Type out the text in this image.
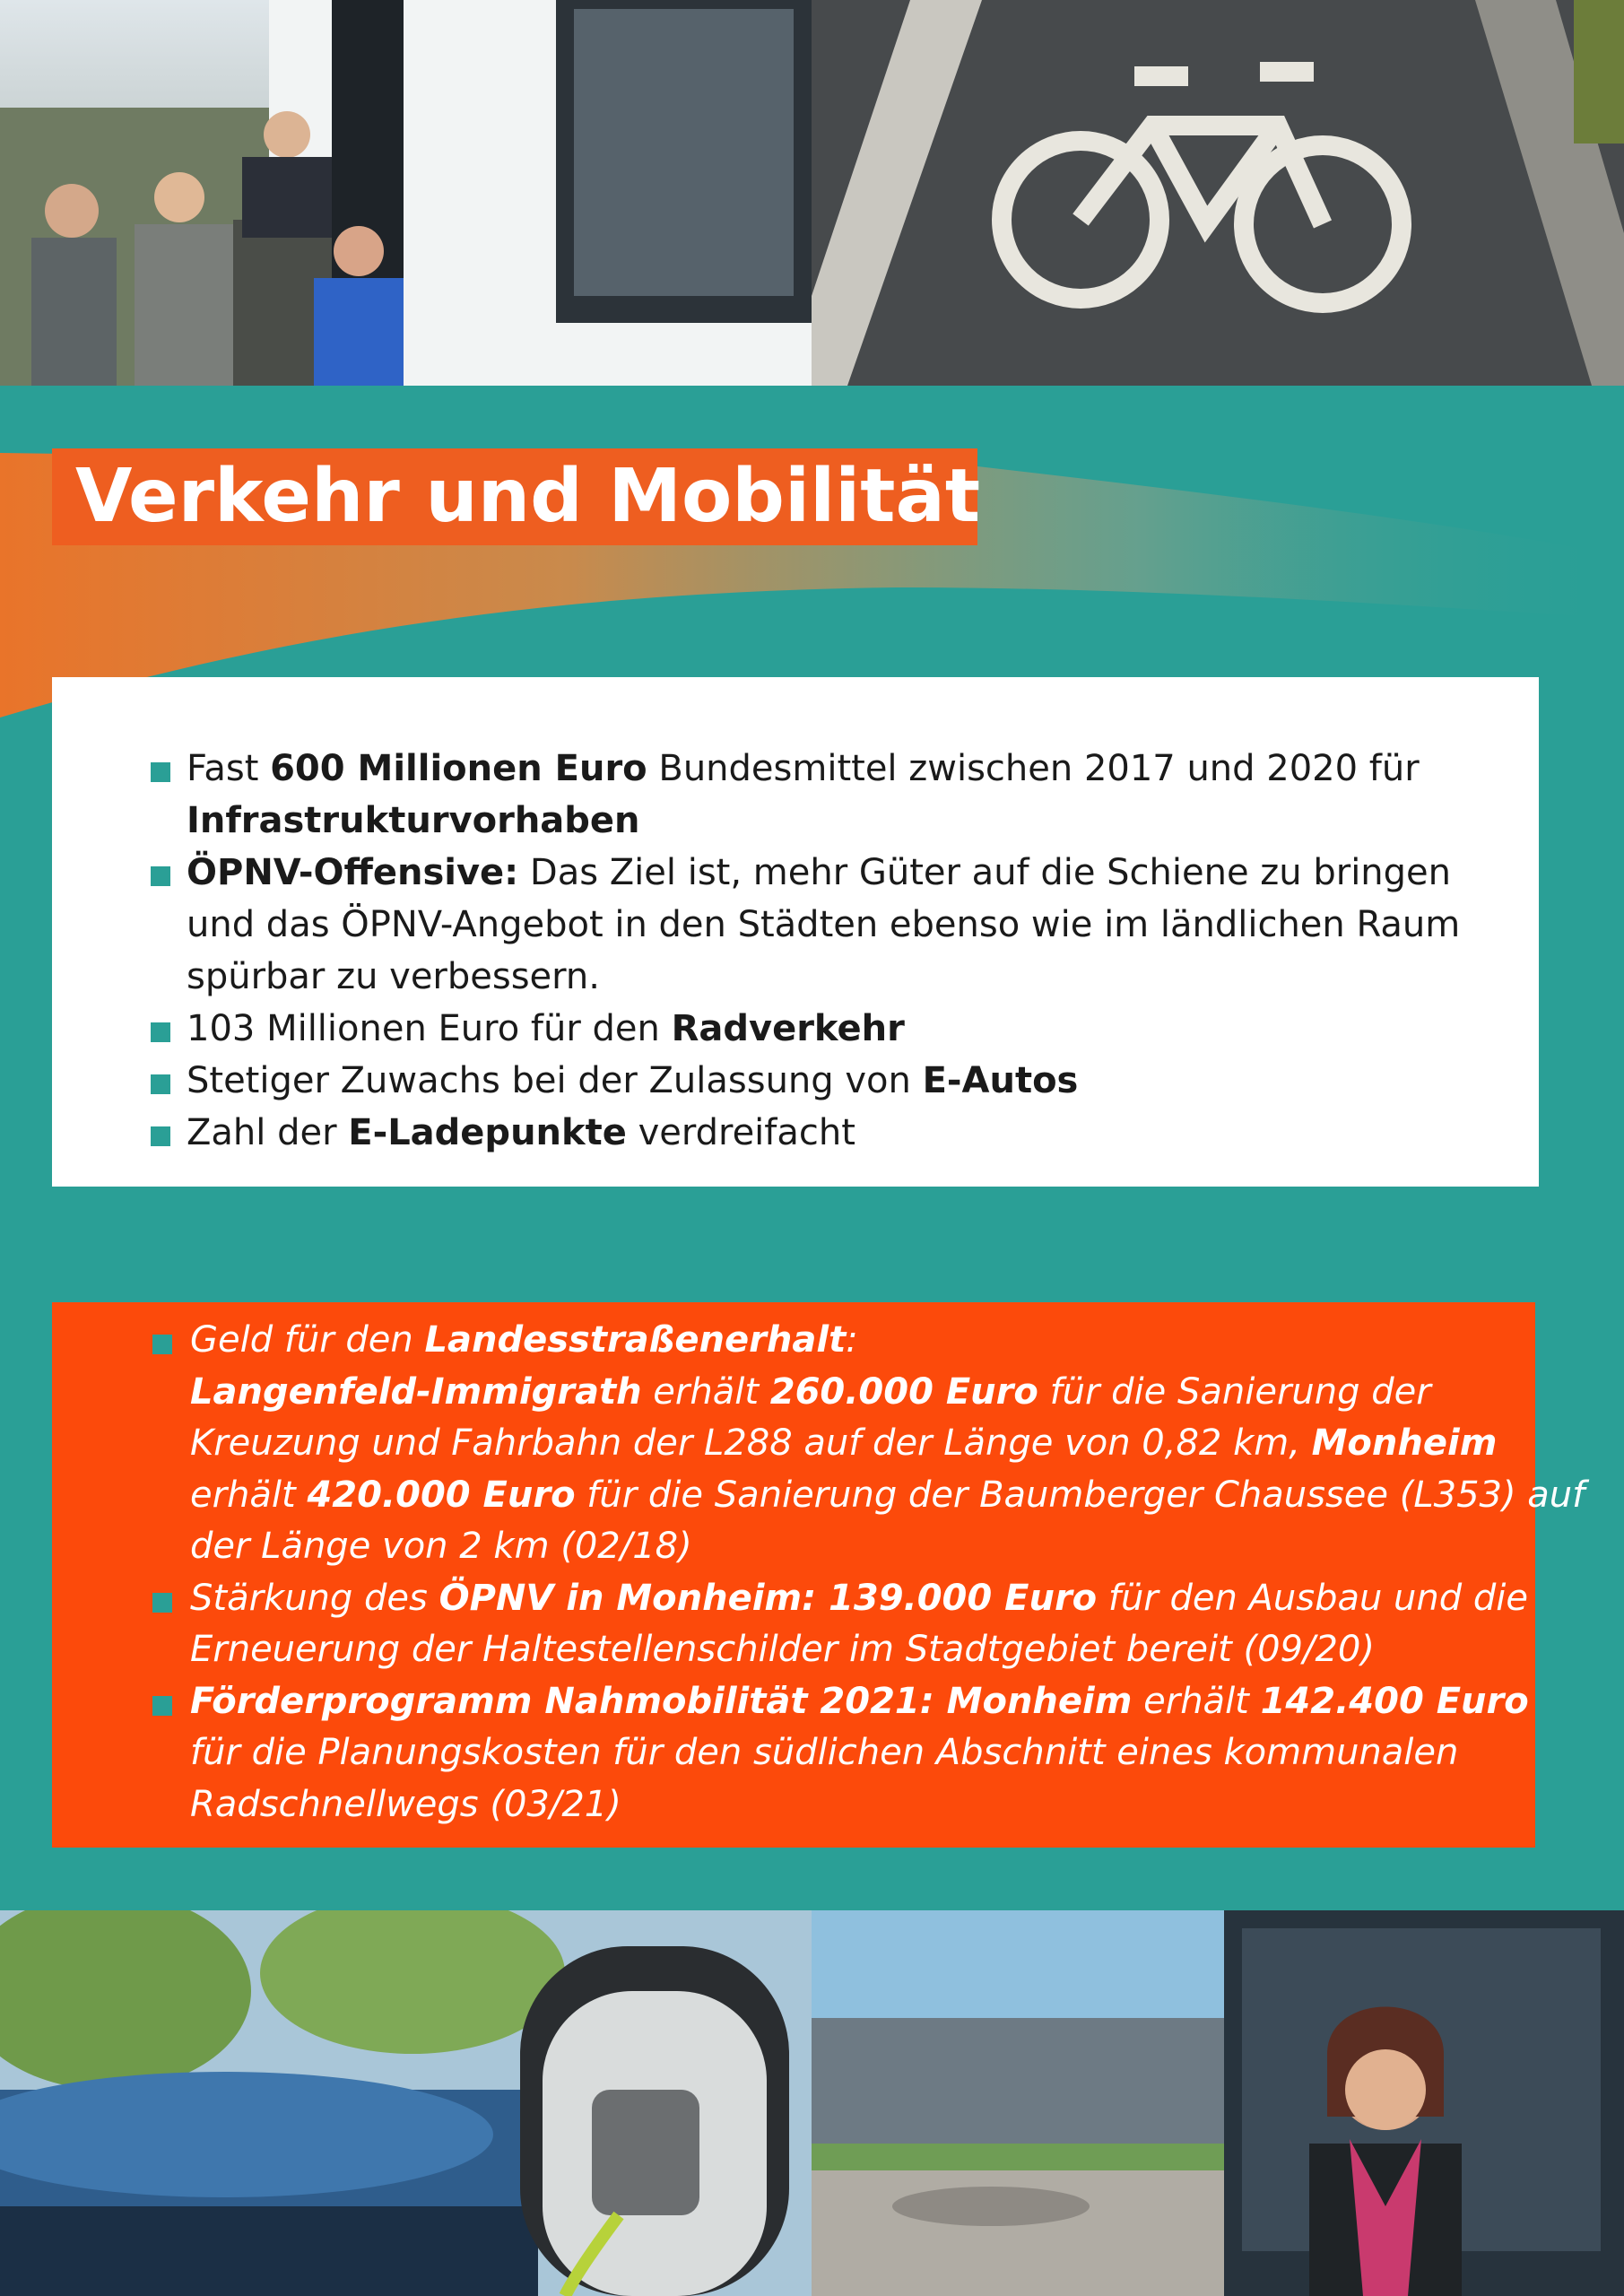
Verkehr und Mobilität
Fast 600 Millionen Euro Bundesmittel zwischen 2017 und 2020 für
Infrastrukturvorhaben
ÖPNV-Offensive: Das Ziel ist, mehr Güter auf die Schiene zu bringen
und das ÖPNV-Angebot in den Städten ebenso wie im ländlichen Raum
spürbar zu verbessern.
103 Millionen Euro für den Radverkehr
Stetiger Zuwachs bei der Zulassung von E-Autos
Zahl der E-Ladepunkte verdreifacht
Geld für den Landesstraßenerhalt:
Langenfeld-Immigrath erhält 260.000 Euro für die Sanierung der
Kreuzung und Fahrbahn der L288 auf der Länge von 0,82 km, Monheim
erhält 420.000 Euro für die Sanierung der Baumberger Chaussee (L353) auf
der Länge von 2 km (02/18)
Stärkung des ÖPNV in Monheim: 139.000 Euro für den Ausbau und die
Erneuerung der Haltestellenschilder im Stadtgebiet bereit (09/20)
Förderprogramm Nahmobilität 2021: Monheim erhält 142.400 Euro
für die Planungskosten für den südlichen Abschnitt eines kommunalen
Radschnellwegs (03/21)
